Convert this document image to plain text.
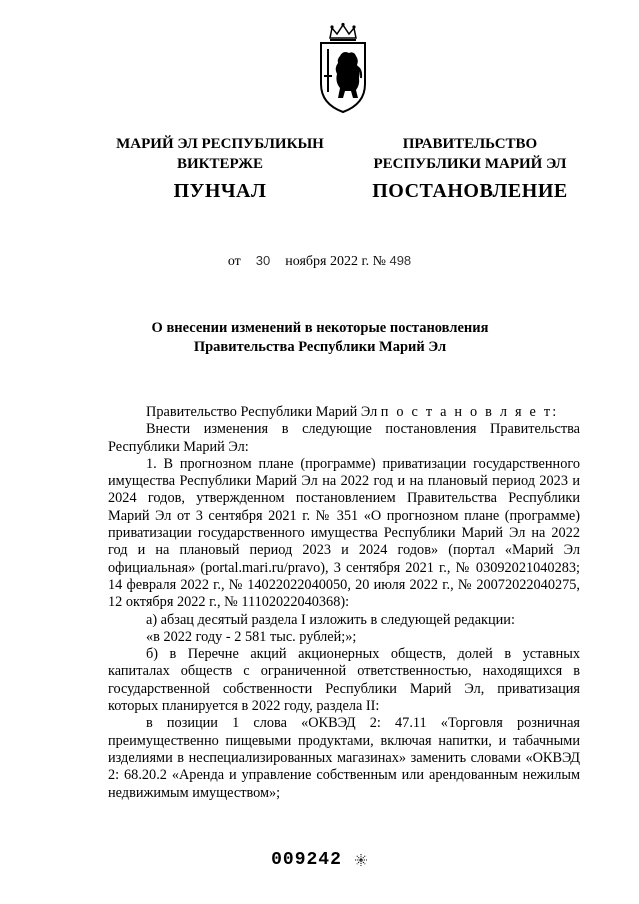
МАРИЙ ЭЛ РЕСПУБЛИКЫН
ВИКТЕРЖЕ
ПУНЧАЛ
ПРАВИТЕЛЬСТВО
РЕСПУБЛИКИ МАРИЙ ЭЛ
ПОСТАНОВЛЕНИЕ
от 30 ноября 2022 г. № 498
О внесении изменений в некоторые постановления
Правительства Республики Марий Эл

Правительство Республики Марий Эл п о с т а н о в л я е т:

Внести изменения в следующие постановления Правительства Республики Марий Эл:

1. В прогнозном плане (программе) приватизации государственного имущества Республики Марий Эл на 2022 год и на плановый период 2023 и 2024 годов, утвержденном постановлением Правительства Республики Марий Эл от 3 сентября 2021 г. № 351 «О прогнозном плане (программе) приватизации государственного имущества Республики Марий Эл на 2022 год и на плановый период 2023 и 2024 годов» (портал «Марий Эл официальная» (portal.mari.ru/pravo), 3 сентября 2021 г., № 03092021040283; 14 февраля 2022 г., № 14022022040050, 20 июля 2022 г., № 20072022040275, 12 октября 2022 г., № 11102022040368):

а) абзац десятый раздела I изложить в следующей редакции:

«в 2022 году - 2 581 тыс. рублей;»;

б) в Перечне акций акционерных обществ, долей в уставных капиталах обществ с ограниченной ответственностью, находящихся в государственной собственности Республики Марий Эл, приватизация которых планируется в 2022 году, раздела II:

в позиции 1 слова «ОКВЭД 2: 47.11 «Торговля розничная преимущественно пищевыми продуктами, включая напитки, и табачными изделиями в неспециализированных магазинах» заменить словами «ОКВЭД 2: 68.20.2 «Аренда и управление собственным или арендованным нежилым недвижимым имуществом»;

009242
